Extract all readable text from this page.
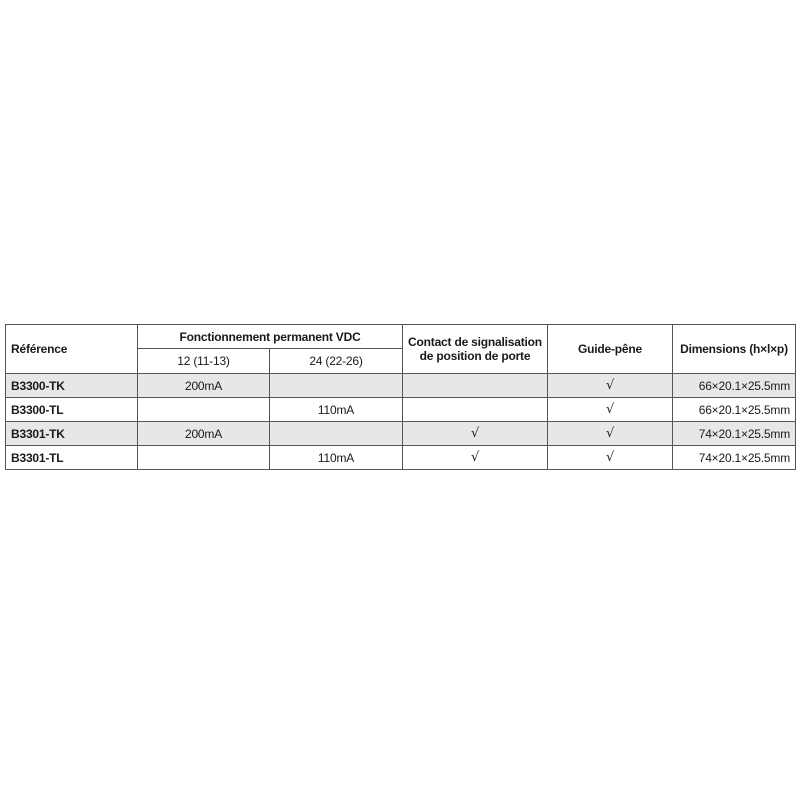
Référence	Fonctionnement permanent VDC		Contact de signalisation
de position de porte	Guide-pêne	Dimensions (h×l×p)
	12 (11-13)	24 (22-26)			
B3300-TK	200mA			√	66×20.1×25.5mm
B3300-TL		110mA		√	66×20.1×25.5mm
B3301-TK	200mA		√	√	74×20.1×25.5mm
B3301-TL		110mA	√	√	74×20.1×25.5mm
